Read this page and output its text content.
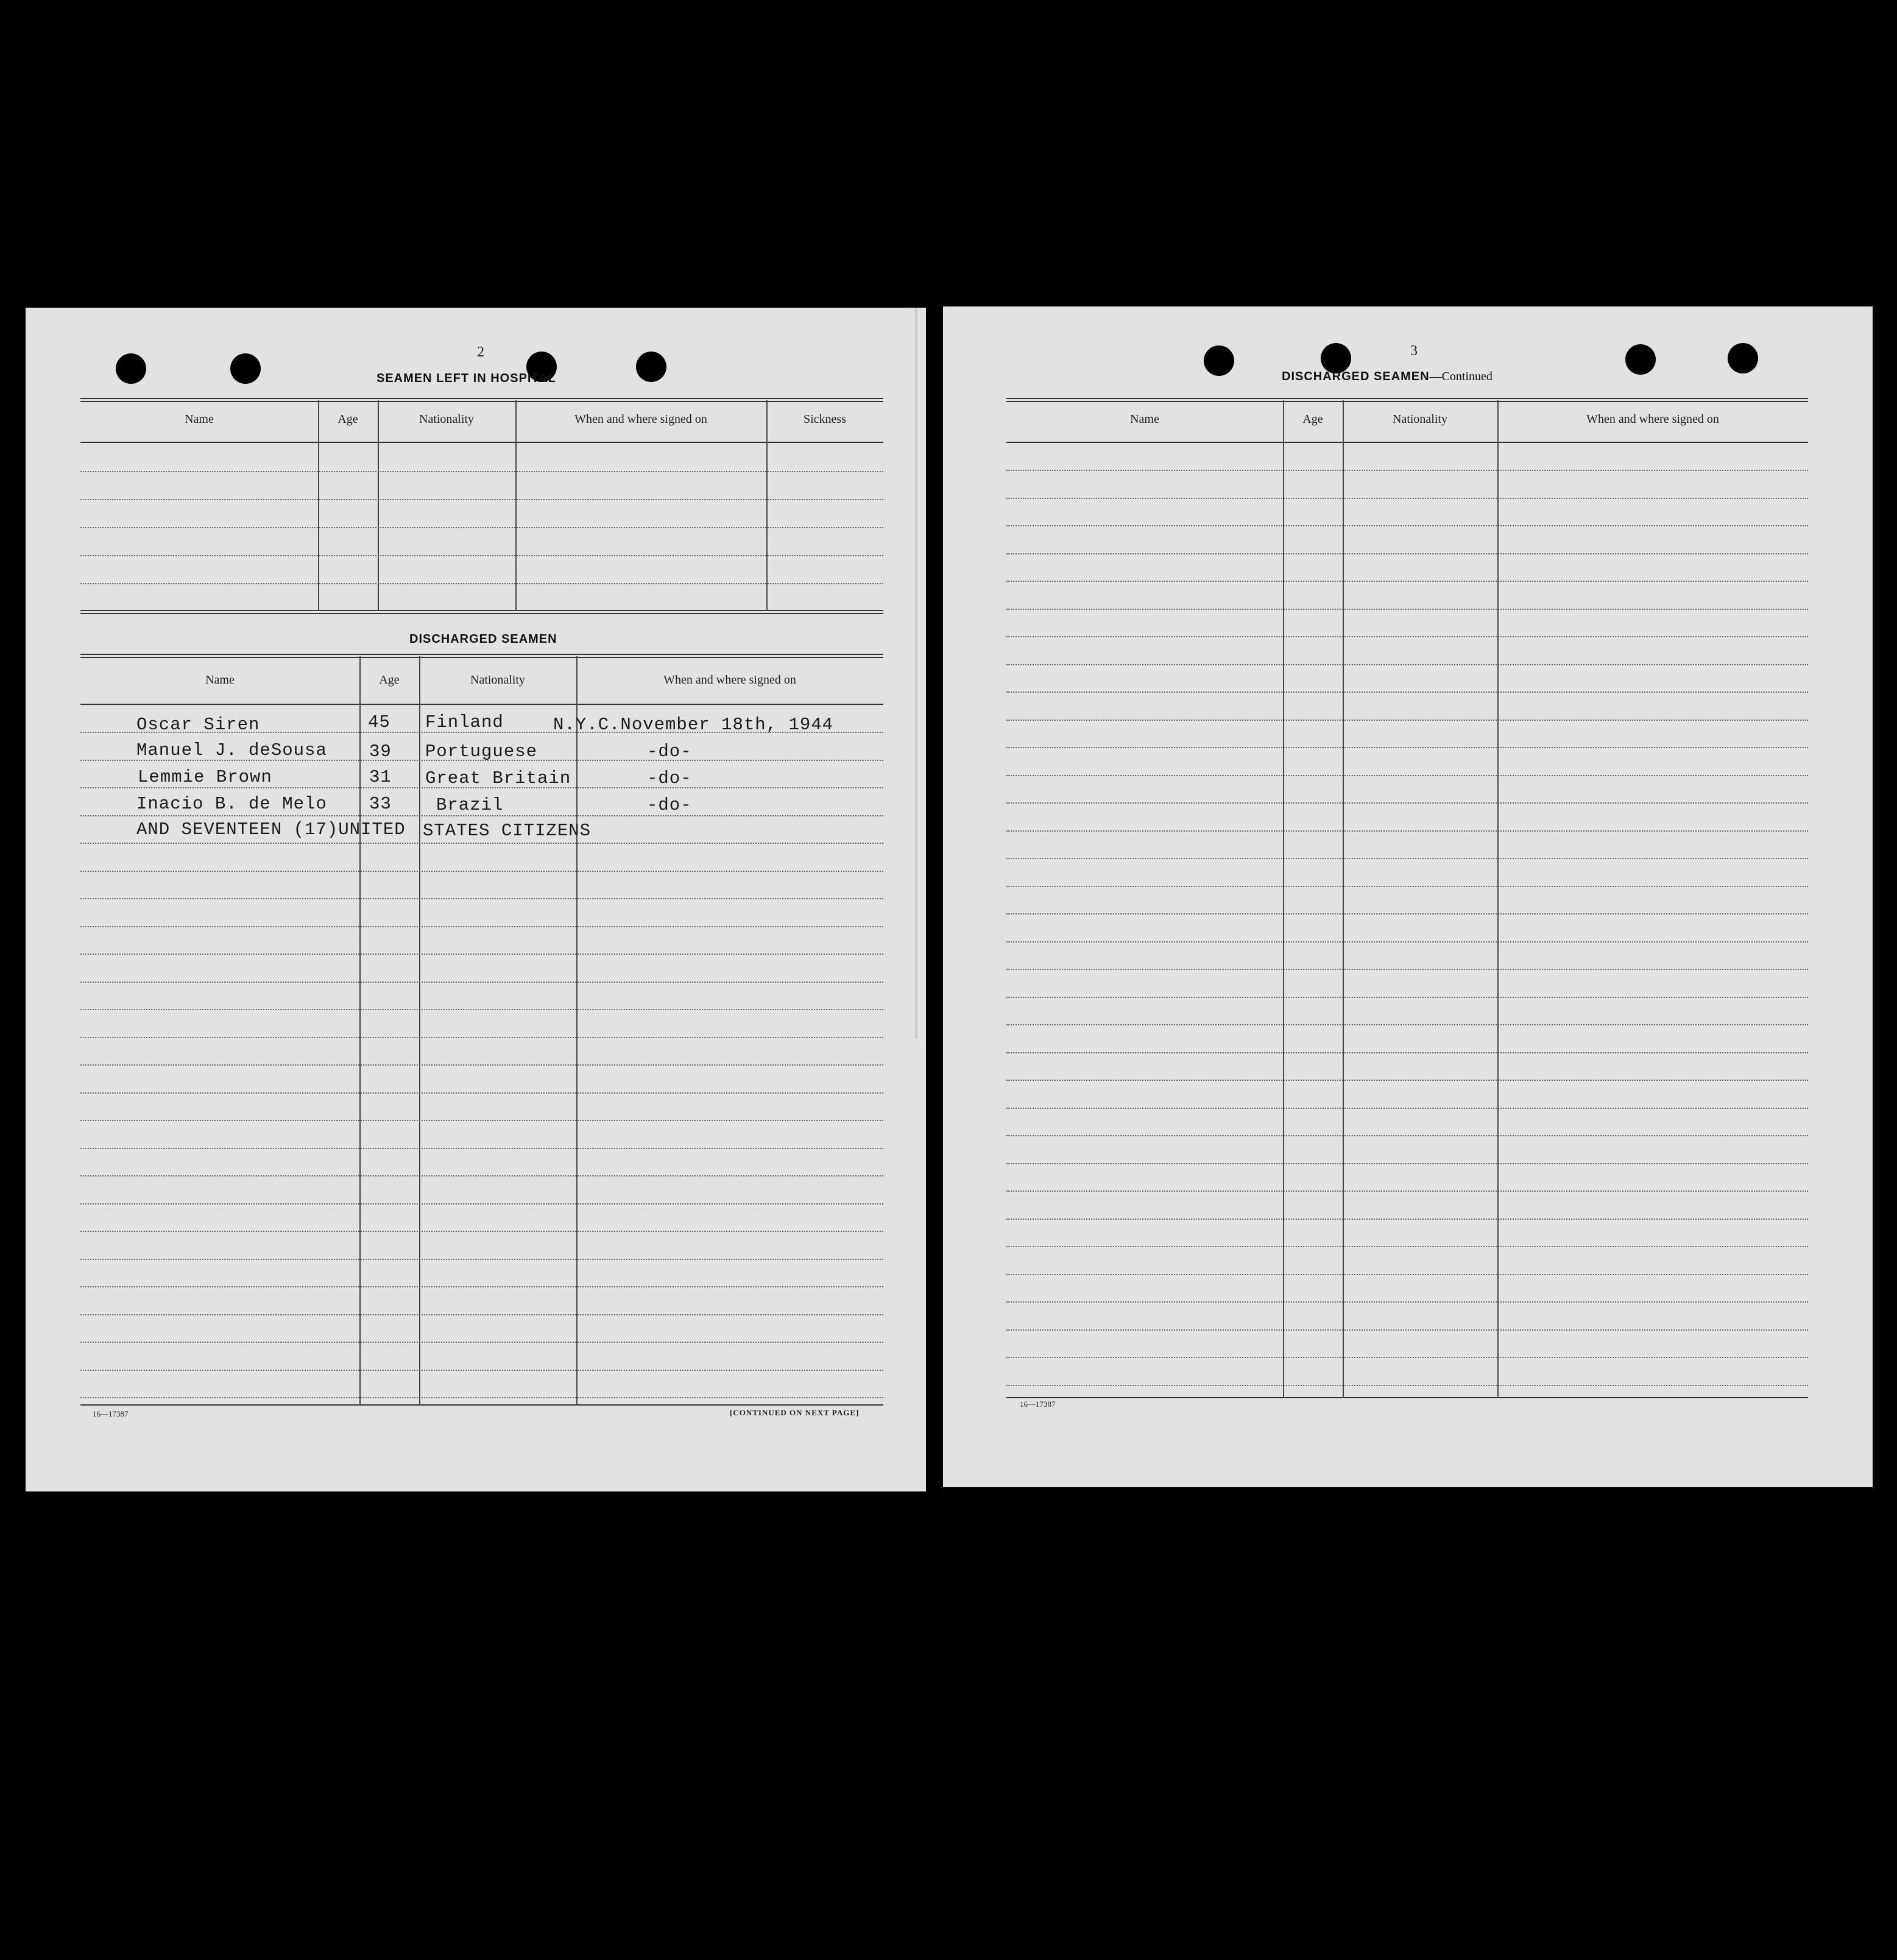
2
SEAMEN LEFT IN HOSPITAL
Name	Age	Nationality	When and where signed on	Sickness
DISCHARGED SEAMEN
Name	Age	Nationality	When and where signed on
Oscar Siren	45 Finland	N.Y.C.November 18th, 1944
Manuel J. deSousa 39 Portuguese	-do-
Lemmie Brown	31 Great Britain	-do-
Inacio B. de Melo 33	Brazil	-do-
AND SEVENTEEN (17)UNITED STATES CITIZENS
16—17387	[CONTINUED ON NEXT PAGE]
3
DISCHARGED SEAMEN—Continued
Name	Age	Nationality	When and where signed on
16—17387
